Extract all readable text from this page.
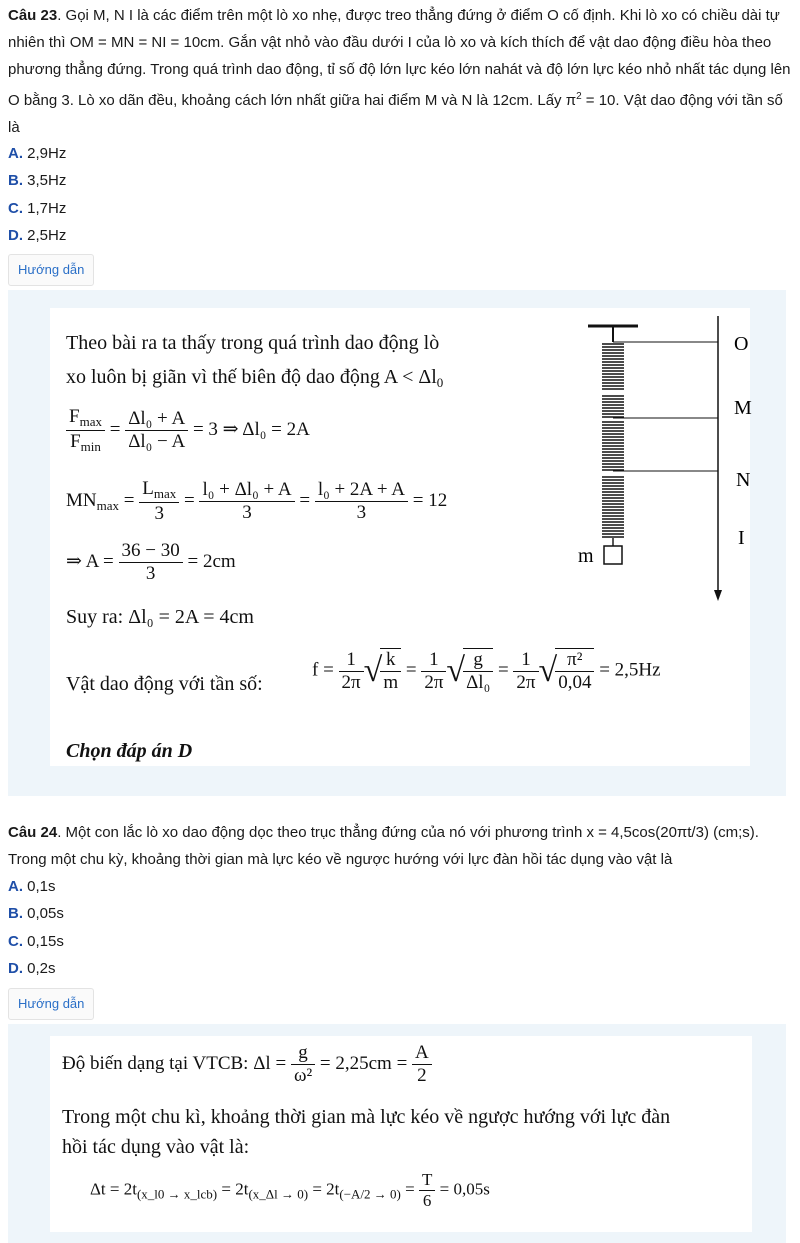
Câu 23. Gọi M, N I là các điểm trên một lò xo nhẹ, được treo thẳng đứng ở điểm O cố định. Khi lò xo có chiều dài tự nhiên thì OM = MN = NI = 10cm. Gắn vật nhỏ vào đầu dưới I của lò xo và kích thích để vật dao động điều hòa theo phương thẳng đứng. Trong quá trình dao động, tỉ số độ lớn lực kéo lớn nahát và độ lớn lực kéo nhỏ nhất tác dụng lên O bằng 3. Lò xo dãn đều, khoảng cách lớn nhất giữa hai điểm M và N là 12cm. Lấy $\pi^2 = 10$. Vật dao động với tần số là
A. 2,9Hz
B. 3,5Hz
C. 1,7Hz
D. 2,5Hz
Hướng dẫn
Theo bài ra ta thấy trong quá trình dao động lò
xo luôn bị giãn vì thế biên độ dao động $A < \Delta l_0$
$\frac{F_{max}}{F_{min}} = \frac{\text{Δl₀ + A}}{\text{Δl₀ − A}} = 3$ ⇒ Δl₀ = 2A
$MN_{max} = \frac{L_{max}}{3} = \frac{\text{l₀ + Δl₀ + A}}{3} = \frac{\text{l₀ + 2A + A}}{3} = 12$
⇒ $A = \frac{36 - 30}{3} = 2cm$
Suy ra: Δl₀ = 2A = 4cm
Vật dao động với tần số:
$f = \frac{1}{2\pi}$ √
$\frac{k}{m} = \frac{1}{2\pi}$ √
$\frac{g}{\text{Δl₀}} = \frac{1}{2\pi}$ √
$\frac{\text{π²}}{0,04} = 2,5Hz$
Chọn đáp án D
O
M
N
I
m
Câu 24. Một con lắc lò xo dao động dọc theo trục thẳng đứng của nó với phương trình x = 4,5cos(20πt/3) (cm;s). Trong một chu kỳ, khoảng thời gian mà lực kéo về ngược hướng với lực đàn hồi tác dụng vào vật là
A. 0,1s
B. 0,05s
C. 0,15s
D. 0,2s
Hướng dẫn
Độ biến dạng tại VTCB: $\Delta l = \frac{g}{\text{ω²}} = 2,25cm = \frac{A}{2}$
Trong một chu kì, khoảng thời gian mà lực kéo về ngược hướng với lực đàn
hồi tác dụng vào vật là:
$\Delta t = 2t_{(x\_l0 \to x\_lcb)} = 2t_{(x\_\Delta l \to 0)} = 2t_{(-A/2 \to 0)} = \frac{T}{6} = 0,05s$
